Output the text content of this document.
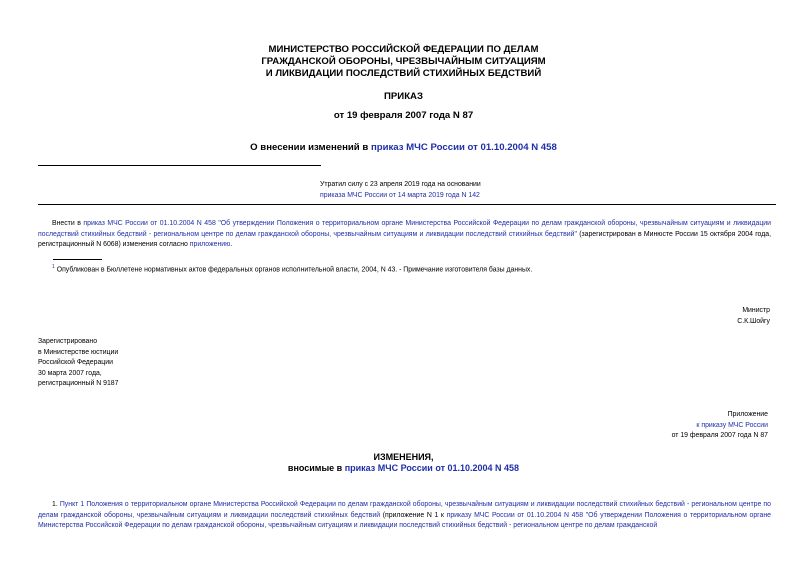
МИНИСТЕРСТВО РОССИЙСКОЙ ФЕДЕРАЦИИ ПО ДЕЛАМ
ГРАЖДАНСКОЙ ОБОРОНЫ, ЧРЕЗВЫЧАЙНЫМ СИТУАЦИЯМ
И ЛИКВИДАЦИИ ПОСЛЕДСТВИЙ СТИХИЙНЫХ БЕДСТВИЙ
ПРИКАЗ
от 19 февраля 2007 года N 87
О внесении изменений в приказ МЧС России от 01.10.2004 N 458
Утратил силу с 23 апреля 2019 года на основании
приказа МЧС России от 14 марта 2019 года N 142
Внести в приказ МЧС России от 01.10.2004 N 458 "Об утверждении Положения о территориальном органе Министерства Российской Федерации по делам гражданской обороны, чрезвычайным ситуациям и ликвидации последствий стихийных бедствий - региональном центре по делам гражданской обороны, чрезвычайным ситуациям и ликвидации последствий стихийных бедствий" (зарегистрирован в Минюсте России 15 октября 2004 года, регистрационный N 6068) изменения согласно приложению.
$^1$ Опубликован в Бюллетене нормативных актов федеральных органов исполнительной власти, 2004, N 43. - Примечание изготовителя базы данных.
Министр
С.К.Шойгу
Зарегистрировано
в Министерстве юстиции
Российской Федерации
30 марта 2007 года,
регистрационный N 9187
Приложение
к приказу МЧС России
от 19 февраля 2007 года N 87
ИЗМЕНЕНИЯ,
вносимые в приказ МЧС России от 01.10.2004 N 458
1. Пункт 1 Положения о территориальном органе Министерства Российской Федерации по делам гражданской обороны, чрезвычайным ситуациям и ликвидации последствий стихийных бедствий - региональном центре по делам гражданской обороны, чрезвычайным ситуациям и ликвидации последствий стихийных бедствий (приложение N 1 к приказу МЧС России от 01.10.2004 N 458 "Об утверждении Положения о территориальном органе Министерства Российской Федерации по делам гражданской обороны, чрезвычайным ситуациям и ликвидации последствий стихийных бедствий - региональном центре по делам гражданской
